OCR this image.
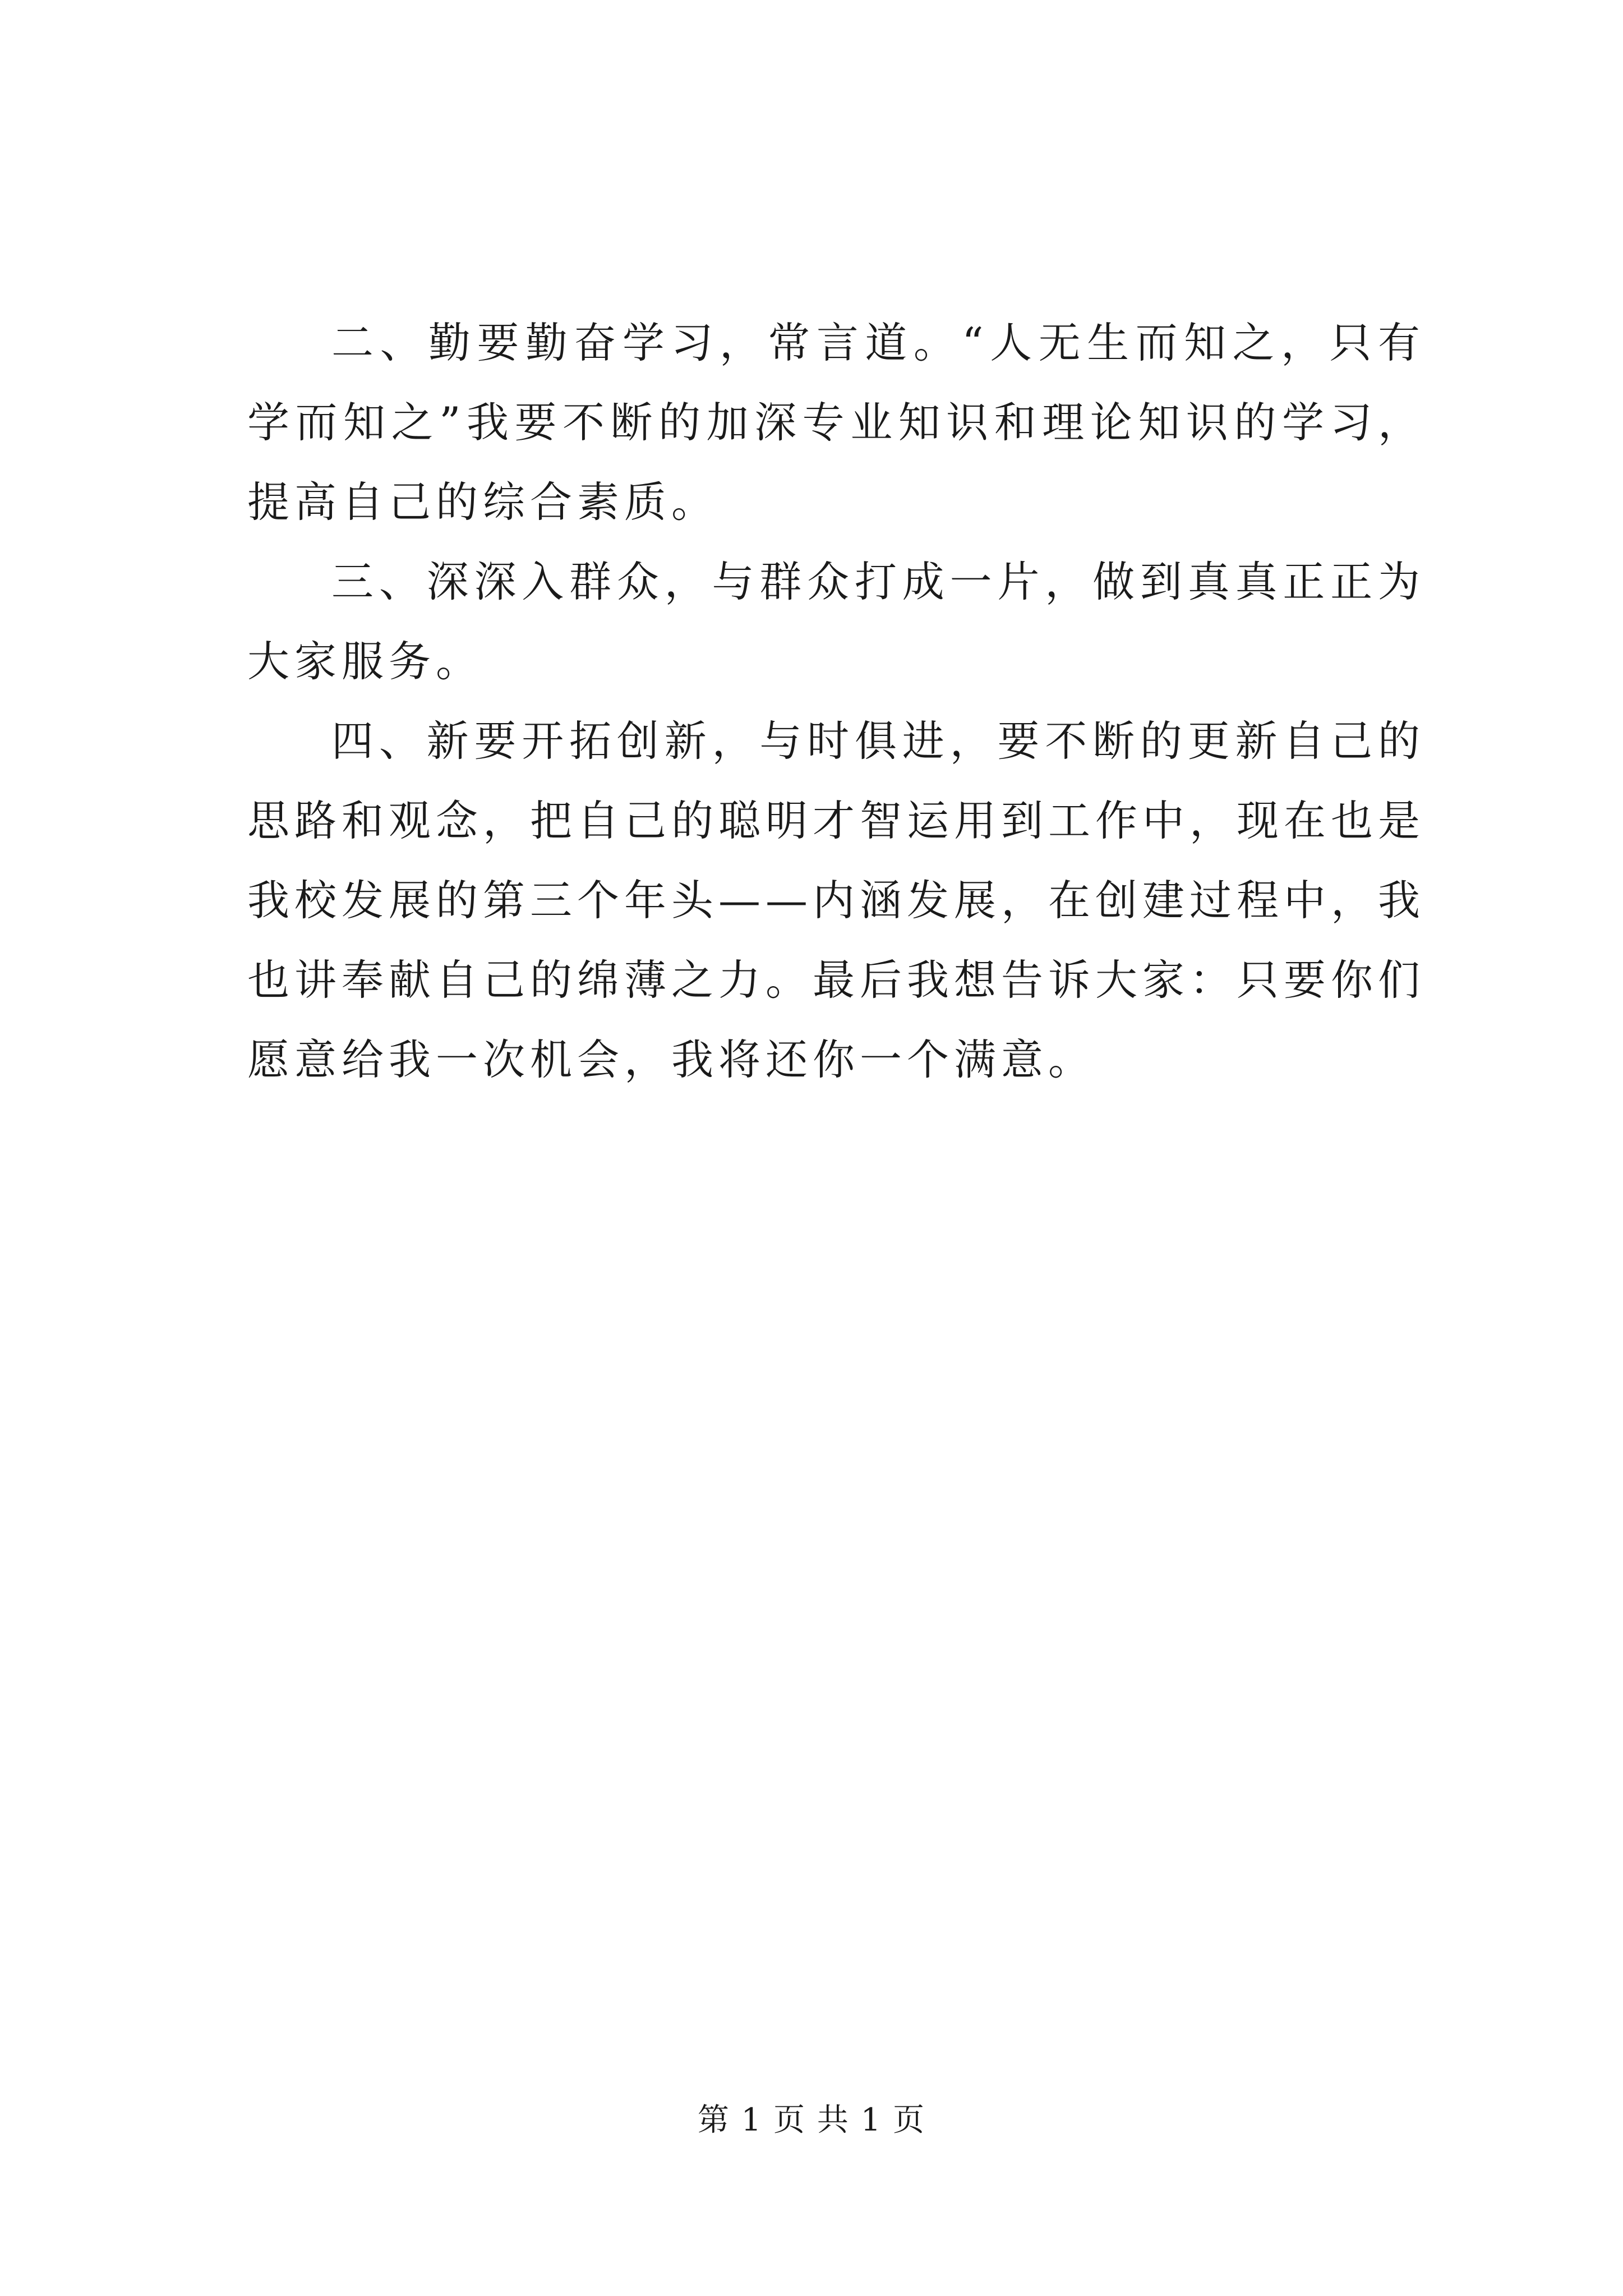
二、勤要勤奋学习，常言道。“人无生而知之，只有学而知之”我要不断的加深专业知识和理论知识的学习，提高自己的综合素质。

三、深深入群众，与群众打成一片，做到真真正正为大家服务。

四、新要开拓创新，与时俱进，要不断的更新自己的思路和观念，把自己的聪明才智运用到工作中，现在也是我校发展的第三个年头——内涵发展，在创建过程中，我也讲奉献自己的绵薄之力。最后我想告诉大家：只要你们愿意给我一次机会，我将还你一个满意。

第 1 页 共 1 页
